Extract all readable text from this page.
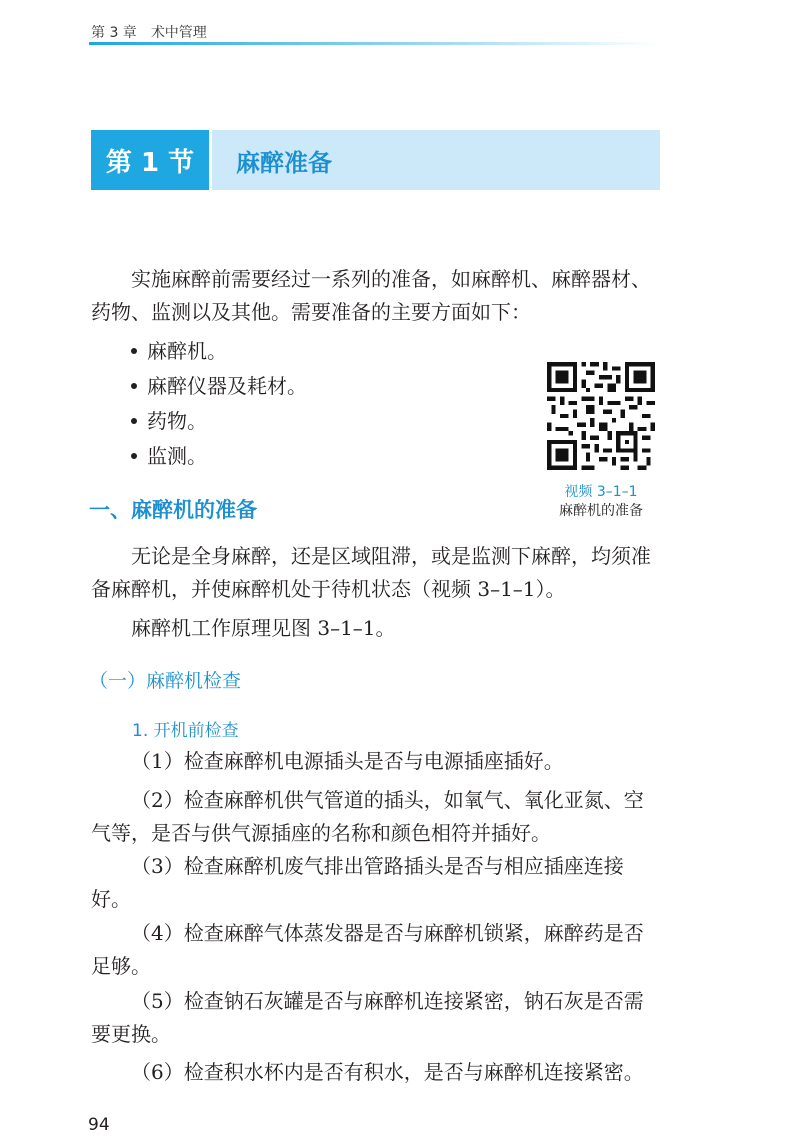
第 3 章 术中管理
第 1 节	麻醉准备
实施麻醉前需要经过一系列的准备，如麻醉机、麻醉器材、药物、监测以及其他。需要准备的主要方面如下：
麻醉机。
麻醉仪器及耗材。
药物。
监测。
视频 3–1–1
麻醉机的准备
一、麻醉机的准备
无论是全身麻醉，还是区域阻滞，或是监测下麻醉，均须准备麻醉机，并使麻醉机处于待机状态（视频 3–1–1）。
麻醉机工作原理见图 3–1–1。
（一）麻醉机检查
1. 开机前检查
（1）检查麻醉机电源插头是否与电源插座插好。
（2）检查麻醉机供气管道的插头，如氧气、氧化亚氮、空气等，是否与供气源插座的名称和颜色相符并插好。
（3）检查麻醉机废气排出管路插头是否与相应插座连接好。
（4）检查麻醉气体蒸发器是否与麻醉机锁紧，麻醉药是否足够。
（5）检查钠石灰罐是否与麻醉机连接紧密，钠石灰是否需要更换。
（6）检查积水杯内是否有积水，是否与麻醉机连接紧密。
94
